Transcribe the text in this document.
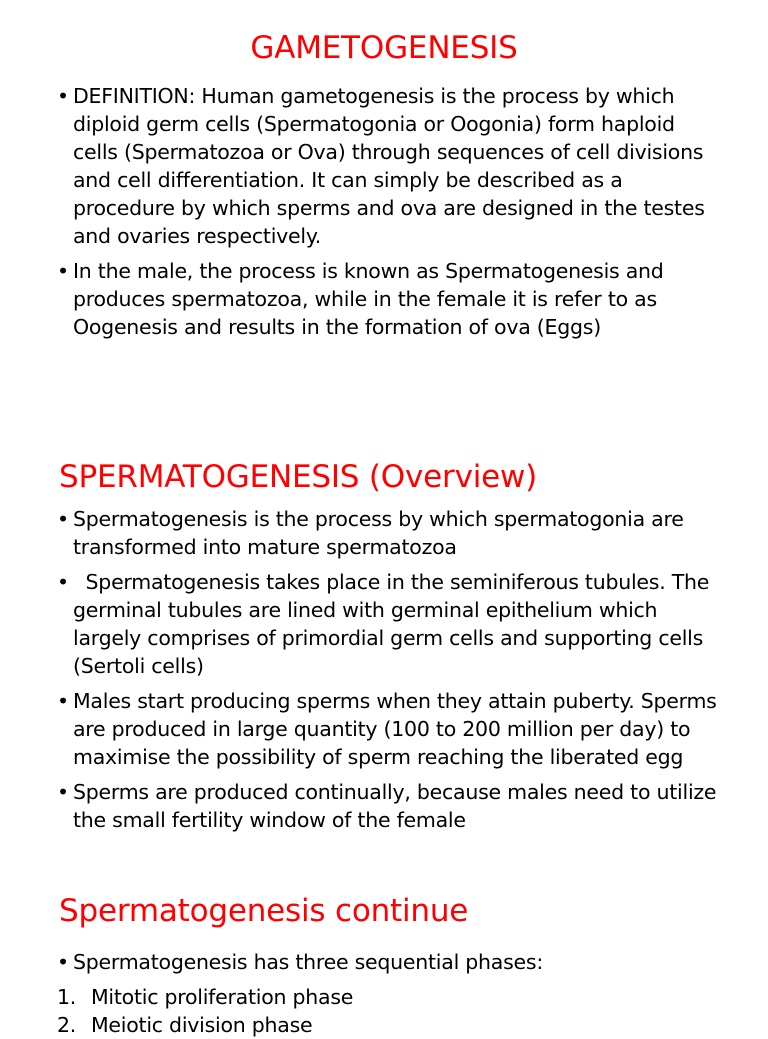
GAMETOGENESIS
• DEFINITION: Human gametogenesis is the process by which diploid germ cells (Spermatogonia or Oogonia) form haploid cells (Spermatozoa or Ova) through sequences of cell divisions and cell differentiation. It can simply be described as a procedure by which sperms and ova are designed in the testes and ovaries respectively.
• In the male, the process is known as Spermatogenesis and produces spermatozoa, while in the female it is refer to as Oogenesis and results in the formation of ova (Eggs)
SPERMATOGENESIS (Overview)
• Spermatogenesis is the process by which spermatogonia are transformed into mature spermatozoa
• Spermatogenesis takes place in the seminiferous tubules. The germinal tubules are lined with germinal epithelium which largely comprises of primordial germ cells and supporting cells (Sertoli cells)
• Males start producing sperms when they attain puberty. Sperms are produced in large quantity (100 to 200 million per day) to maximise the possibility of sperm reaching the liberated egg
• Sperms are produced continually, because males need to utilize the small fertility window of the female
Spermatogenesis continue
• Spermatogenesis has three sequential phases:
1. Mitotic proliferation phase
2. Meiotic division phase
